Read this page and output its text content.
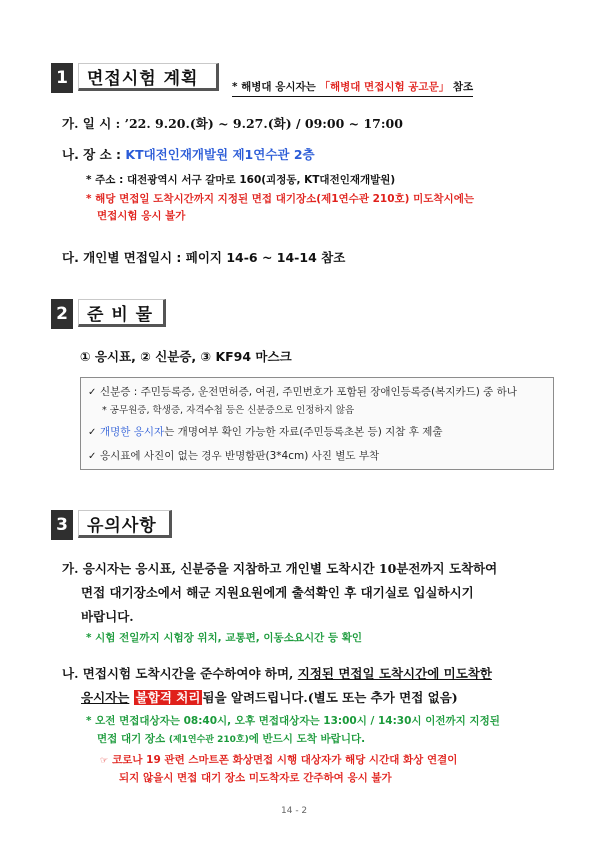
1 면접시험 계획	* 해병대 응시자는 「해병대 면접시험 공고문」 참조
가. 일 시 : ’22. 9.20.(화) ~ 9.27.(화) / 09:00 ~ 17:00
나. 장 소 : KT대전인재개발원 제1연수관 2층
* 주소 : 대전광역시 서구 갈마로 160(괴정동, KT대전인재개발원)
* 해당 면접일 도착시간까지 지정된 면접 대기장소(제1연수관 210호) 미도착시에는
면접시험 응시 불가
다. 개인별 면접일시 : 페이지 14-6 ~ 14-14 참조
2 준 비 물
① 응시표, ② 신분증, ③ KF94 마스크
✓ 신분증 : 주민등록증, 운전면허증, 여권, 주민번호가 포함된 장애인등록증(복지카드) 중 하나
* 공무원증, 학생증, 자격수첩 등은 신분증으로 인정하지 않음
✓ 개명한 응시자는 개명여부 확인 가능한 자료(주민등록초본 등) 지참 후 제출
✓ 응시표에 사진이 없는 경우 반명함판(3*4cm) 사진 별도 부착
3 유의사항
가. 응시자는 응시표, 신분증을 지참하고 개인별 도착시간 10분전까지 도착하여
면접 대기장소에서 해군 지원요원에게 출석확인 후 대기실로 입실하시기
바랍니다.
* 시험 전일까지 시험장 위치, 교통편, 이동소요시간 등 확인
나. 면접시험 도착시간을 준수하여야 하며, 지정된 면접일 도착시간에 미도착한
응시자는 불합격 처리 됨을 알려드립니다.(별도 또는 추가 면접 없음)
* 오전 면접대상자는 08:40시, 오후 면접대상자는 13:00시 / 14:30시 이전까지 지정된
면접 대기 장소 (제1연수관 210호)에 반드시 도착 바랍니다.
☞ 코로나 19 관련 스마트폰 화상면접 시행 대상자가 해당 시간대 화상 연결이
되지 않을시 면접 대기 장소 미도착자로 간주하여 응시 불가
14 - 2
